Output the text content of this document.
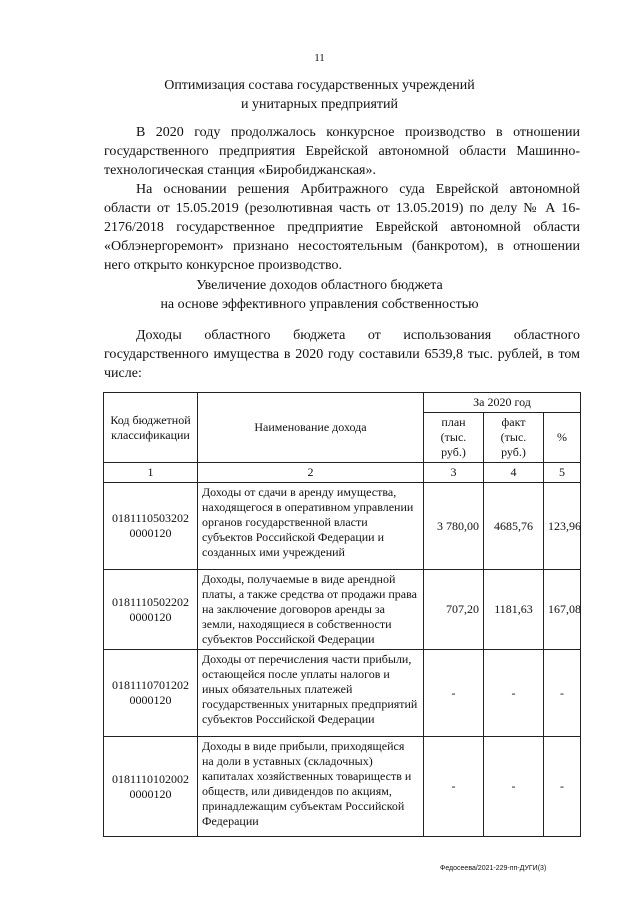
11
Оптимизация состава государственных учреждений
и унитарных предприятий

В 2020 году продолжалось конкурсное производство в отношении государственного предприятия Еврейской автономной области Машинно-технологическая станция «Биробиджанская».

На основании решения Арбитражного суда Еврейской автономной области от 15.05.2019 (резолютивная часть от 13.05.2019) по делу № А 16-2176/2018 государственное предприятие Еврейской автономной области «Облэнергоремонт» признано несостоятельным (банкротом), в отношении него открыто конкурсное производство.

Увеличение доходов областного бюджета
на основе эффективного управления собственностью

Доходы областного бюджета от использования областного государственного имущества в 2020 году составили 6539,8 тыс. рублей, в том числе:

Код бюджетной классификации	Наименование дохода	За 2020 год		
		план (тыс. руб.)	факт (тыс. руб.)	%
1	2	3	4	5
0181110503202 0000120	Доходы от сдачи в аренду имущества, находящегося в оперативном управлении органов государственной власти субъектов Российской Федерации и созданных ими учреждений	3 780,00	4685,76	123,96
0181110502202 0000120	Доходы, получаемые в виде арендной платы, а также средства от продажи права на заключение договоров аренды за земли, находящиеся в собственности субъектов Российской Федерации	707,20	1181,63	167,08
0181110701202 0000120	Доходы от перечисления части прибыли, остающейся после уплаты налогов и иных обязательных платежей государственных унитарных предприятий субъектов Российской Федерации	-	-	-
0181110102002 0000120	Доходы в виде прибыли, приходящейся на доли в уставных (складочных) капиталах хозяйственных товариществ и обществ, или дивидендов по акциям, принадлежащим субъектам Российской Федерации	-	-	-
Федосеева/2021-229-пп-ДУГИ(3)
